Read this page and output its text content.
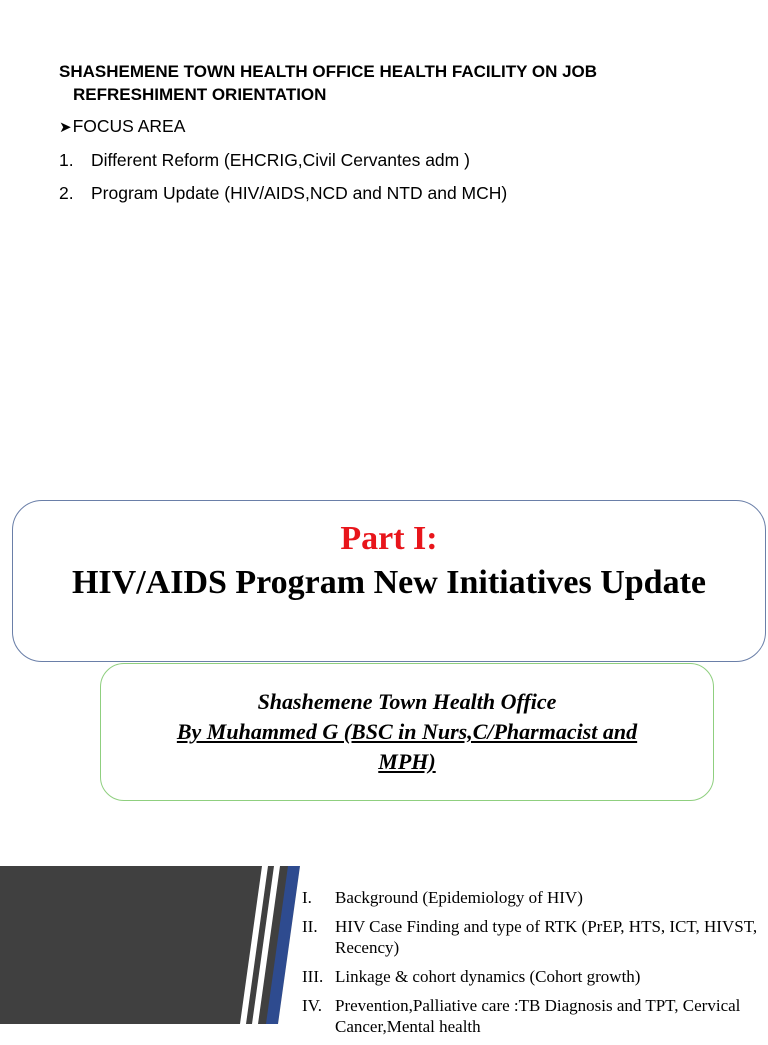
SHASHEMENE TOWN HEALTH OFFICE HEALTH FACILITY ON JOB
REFRESHIMENT ORIENTATION

➤FOCUS AREA
1. Different Reform (EHCRIG,Civil Cervantes adm )
2. Program Update (HIV/AIDS,NCD and NTD and MCH)
Part I:
HIV/AIDS Program New Initiatives Update
Shashemene Town Health Office
By Muhammed G (BSC in Nurs,C/Pharmacist and
MPH)
I.	Background (Epidemiology of HIV)
II.	HIV Case Finding and type of RTK (PrEP, HTS, ICT, HIVST, Recency)
III. Linkage & cohort dynamics (Cohort growth)
IV. Prevention,Palliative care :TB Diagnosis and TPT, Cervical Cancer,Mental health
